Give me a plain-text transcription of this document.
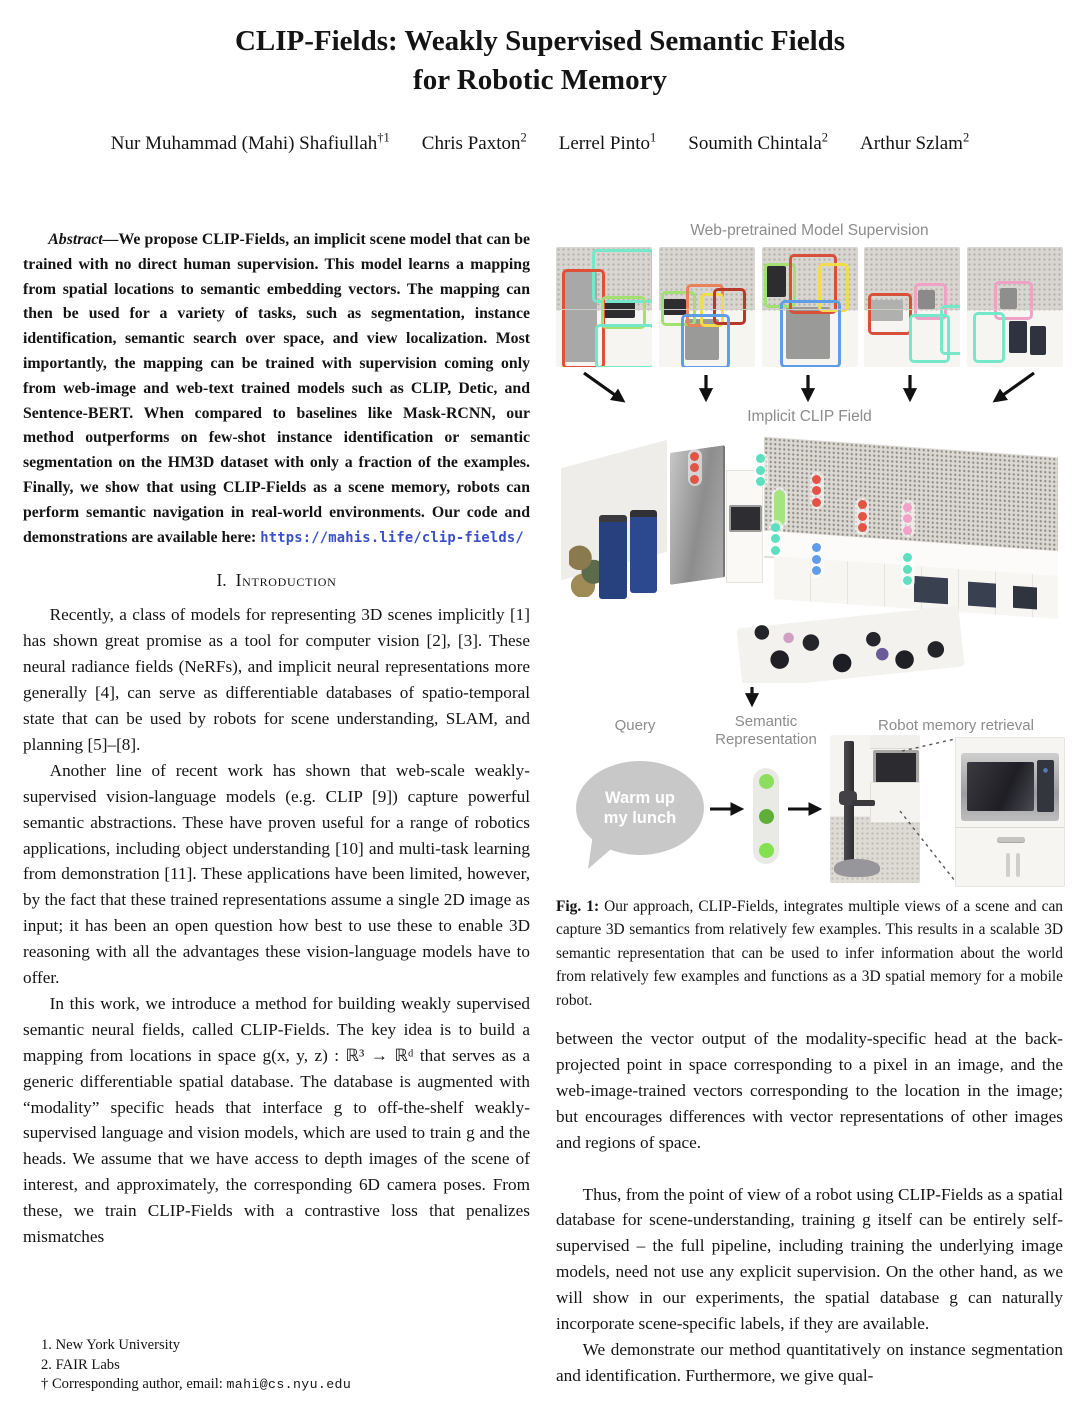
CLIP-Fields: Weakly Supervised Semantic Fields
for Robotic Memory
Nur Muhammad (Mahi) Shafiullah$^{\dagger 1}$ Chris Paxton$^2$ Lerrel Pinto$^1$ Soumith Chintala$^2$ Arthur Szlam$^2$

Abstract—We propose CLIP-Fields, an implicit scene model that can be trained with no direct human supervision. This model learns a mapping from spatial locations to semantic embedding vectors. The mapping can then be used for a variety of tasks, such as segmentation, instance identification, semantic search over space, and view localization. Most importantly, the mapping can be trained with supervision coming only from web-image and web-text trained models such as CLIP, Detic, and Sentence-BERT. When compared to baselines like Mask-RCNN, our method outperforms on few-shot instance identification or semantic segmentation on the HM3D dataset with only a fraction of the examples. Finally, we show that using CLIP-Fields as a scene memory, robots can perform semantic navigation in real-world environments. Our code and demonstrations are available here: https://mahis.life/clip-fields/

I. Introduction

Recently, a class of models for representing 3D scenes implicitly [1] has shown great promise as a tool for computer vision [2], [3]. These neural radiance fields (NeRFs), and implicit neural representations more generally [4], can serve as differentiable databases of spatio-temporal state that can be used by robots for scene understanding, SLAM, and planning [5]–[8].

Another line of recent work has shown that web-scale weakly-supervised vision-language models (e.g. CLIP [9]) capture powerful semantic abstractions. These have proven useful for a range of robotics applications, including object understanding [10] and multi-task learning from demonstration [11]. These applications have been limited, however, by the fact that these trained representations assume a single 2D image as input; it has been an open question how best to use these to enable 3D reasoning with all the advantages these vision-language models have to offer.

In this work, we introduce a method for building weakly supervised semantic neural fields, called CLIP-Fields. The key idea is to build a mapping from locations in space g(x, y, z) : ℝ³ → ℝᵈ that serves as a generic differentiable spatial database. The database is augmented with “modality” specific heads that interface g to off-the-shelf weakly-supervised language and vision models, which are used to train g and the heads. We assume that we have access to depth images of the scene of interest, and approximately, the corresponding 6D camera poses. From these, we train CLIP-Fields with a contrastive loss that penalizes mismatches

1. New York University
2. FAIR Labs
† Corresponding author, email: mahi@cs.nyu.edu
Web-pretrained Model Supervision
Implicit CLIP Field
Query	Semantic Representation
Robot memory retrieval
Warm up my lunch

Fig. 1: Our approach, CLIP-Fields, integrates multiple views of a scene and can capture 3D semantics from relatively few examples. This results in a scalable 3D semantic representation that can be used to infer information about the world from relatively few examples and functions as a 3D spatial memory for a mobile robot.

between the vector output of the modality-specific head at the back-projected point in space corresponding to a pixel in an image, and the web-image-trained vectors corresponding to the location in the image; but encourages differences with vector representations of other images and regions of space.

Thus, from the point of view of a robot using CLIP-Fields as a spatial database for scene-understanding, training g itself can be entirely self-supervised – the full pipeline, including training the underlying image models, need not use any explicit supervision. On the other hand, as we will show in our experiments, the spatial database g can naturally incorporate scene-specific labels, if they are available.

We demonstrate our method quantitatively on instance segmentation and identification. Furthermore, we give qual-
